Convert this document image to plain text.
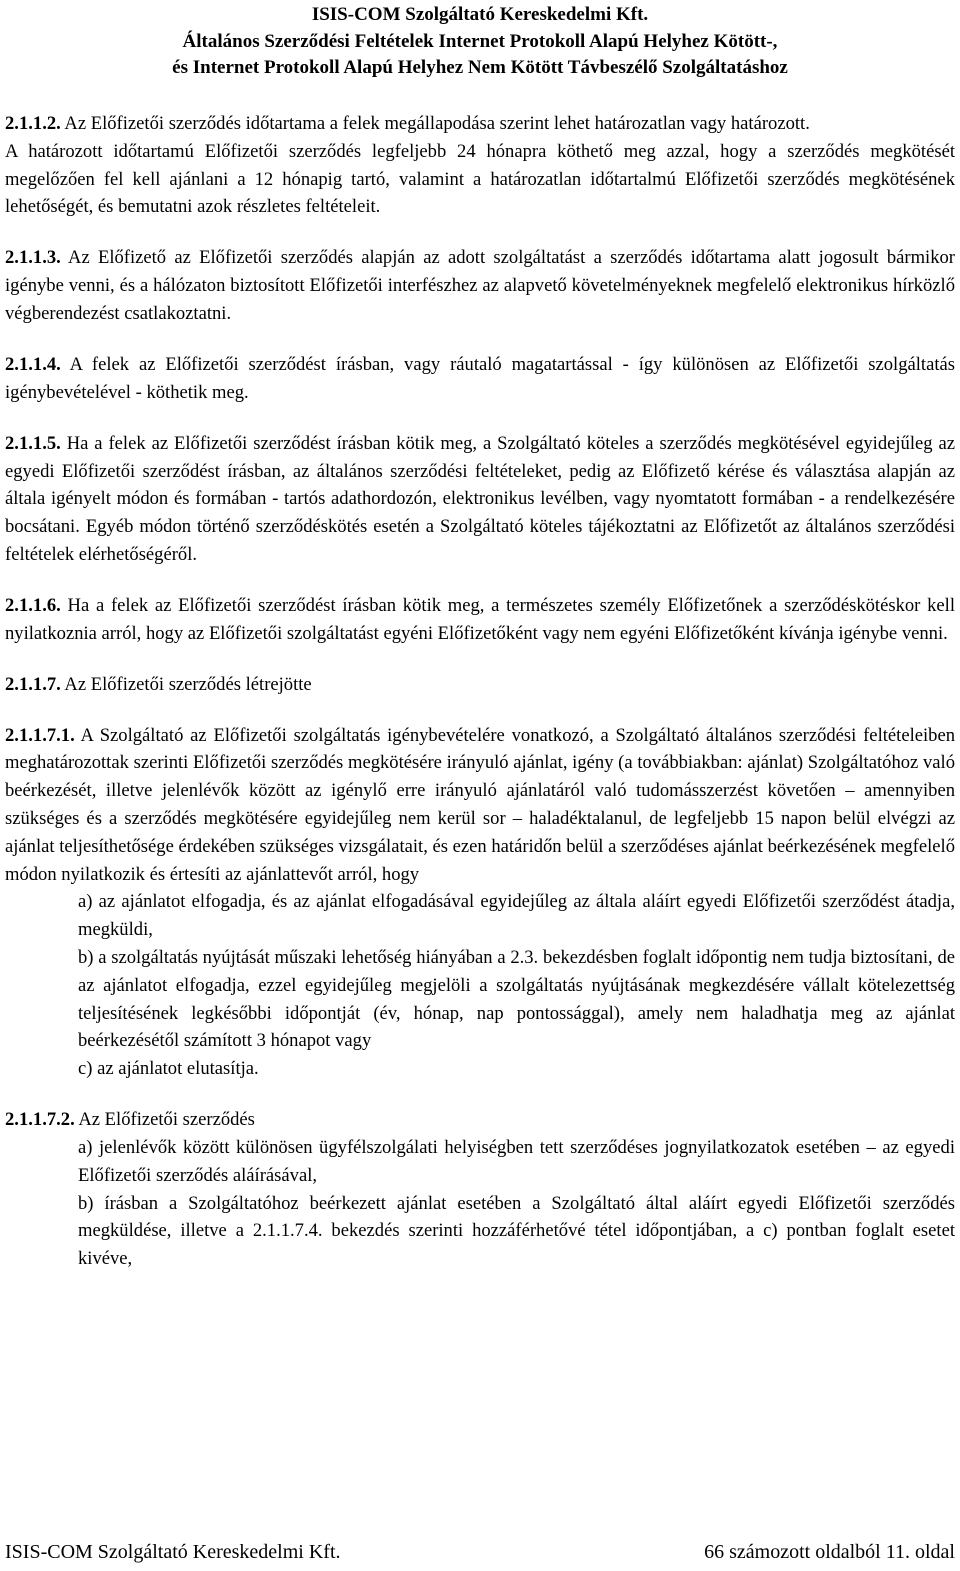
ISIS-COM Szolgáltató Kereskedelmi Kft.
Általános Szerződési Feltételek Internet Protokoll Alapú Helyhez Kötött-,
és Internet Protokoll Alapú Helyhez Nem Kötött Távbeszélő Szolgáltatáshoz
2.1.1.2. Az Előfizetői szerződés időtartama a felek megállapodása szerint lehet határozatlan vagy határozott.
A határozott időtartamú Előfizetői szerződés legfeljebb 24 hónapra köthető meg azzal, hogy a szerződés megkötését megelőzően fel kell ajánlani a 12 hónapig tartó, valamint a határozatlan időtartalmú Előfizetői szerződés megkötésének lehetőségét, és bemutatni azok részletes feltételeit.
2.1.1.3. Az Előfizető az Előfizetői szerződés alapján az adott szolgáltatást a szerződés időtartama alatt jogosult bármikor igénybe venni, és a hálózaton biztosított Előfizetői interfészhez az alapvető követelményeknek megfelelő elektronikus hírközlő végberendezést csatlakoztatni.
2.1.1.4. A felek az Előfizetői szerződést írásban, vagy ráutaló magatartással - így különösen az Előfizetői szolgáltatás igénybevételével - köthetik meg.
2.1.1.5. Ha a felek az Előfizetői szerződést írásban kötik meg, a Szolgáltató köteles a szerződés megkötésével egyidejűleg az egyedi Előfizetői szerződést írásban, az általános szerződési feltételeket, pedig az Előfizető kérése és választása alapján az általa igényelt módon és formában - tartós adathordozón, elektronikus levélben, vagy nyomtatott formában - a rendelkezésére bocsátani. Egyéb módon történő szerződéskötés esetén a Szolgáltató köteles tájékoztatni az Előfizetőt az általános szerződési feltételek elérhetőségéről.
2.1.1.6. Ha a felek az Előfizetői szerződést írásban kötik meg, a természetes személy Előfizetőnek a szerződéskötéskor kell nyilatkoznia arról, hogy az Előfizetői szolgáltatást egyéni Előfizetőként vagy nem egyéni Előfizetőként kívánja igénybe venni.
2.1.1.7. Az Előfizetői szerződés létrejötte
2.1.1.7.1. A Szolgáltató az Előfizetői szolgáltatás igénybevételére vonatkozó, a Szolgáltató általános szerződési feltételeiben meghatározottak szerinti Előfizetői szerződés megkötésére irányuló ajánlat, igény (a továbbiakban: ajánlat) Szolgáltatóhoz való beérkezését, illetve jelenlévők között az igénylő erre irányuló ajánlatáról való tudomásszerzést követően – amennyiben szükséges és a szerződés megkötésére egyidejűleg nem kerül sor – haladéktalanul, de legfeljebb 15 napon belül elvégzi az ajánlat teljesíthetősége érdekében szükséges vizsgálatait, és ezen határidőn belül a szerződéses ajánlat beérkezésének megfelelő módon nyilatkozik és értesíti az ajánlattevőt arról, hogy
a) az ajánlatot elfogadja, és az ajánlat elfogadásával egyidejűleg az általa aláírt egyedi Előfizetői szerződést átadja, megküldi,
b) a szolgáltatás nyújtását műszaki lehetőség hiányában a 2.3. bekezdésben foglalt időpontig nem tudja biztosítani, de az ajánlatot elfogadja, ezzel egyidejűleg megjelöli a szolgáltatás nyújtásának megkezdésére vállalt kötelezettség teljesítésének legkésőbbi időpontját (év, hónap, nap pontossággal), amely nem haladhatja meg az ajánlat beérkezésétől számított 3 hónapot vagy
c) az ajánlatot elutasítja.
2.1.1.7.2. Az Előfizetői szerződés
a) jelenlévők között különösen ügyfélszolgálati helyiségben tett szerződéses jognyilatkozatok esetében – az egyedi Előfizetői szerződés aláírásával,
b) írásban a Szolgáltatóhoz beérkezett ajánlat esetében a Szolgáltató által aláírt egyedi Előfizetői szerződés megküldése, illetve a 2.1.1.7.4. bekezdés szerinti hozzáférhetővé tétel időpontjában, a c) pontban foglalt esetet kivéve,
ISIS-COM Szolgáltató Kereskedelmi Kft.	66 számozott oldalból 11. oldal
